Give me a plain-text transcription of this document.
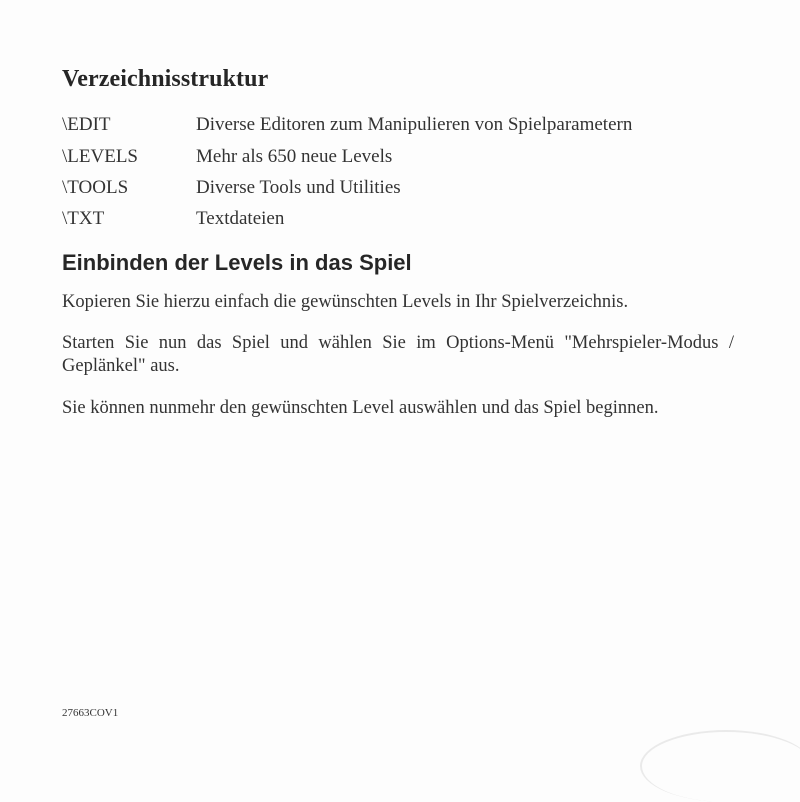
Verzeichnisstruktur
\EDIT	Diverse Editoren zum Manipulieren von Spielparametern
\LEVELS	Mehr als 650 neue Levels
\TOOLS	Diverse Tools und Utilities
\TXT	Textdateien
Einbinden der Levels in das Spiel
Kopieren Sie hierzu einfach die gewünschten Levels in Ihr Spielverzeichnis.
Starten Sie nun das Spiel und wählen Sie im Options-Menü "Mehrspieler-Modus / Geplänkel" aus.
Sie können nunmehr den gewünschten Level auswählen und das Spiel beginnen.
27663COV1
